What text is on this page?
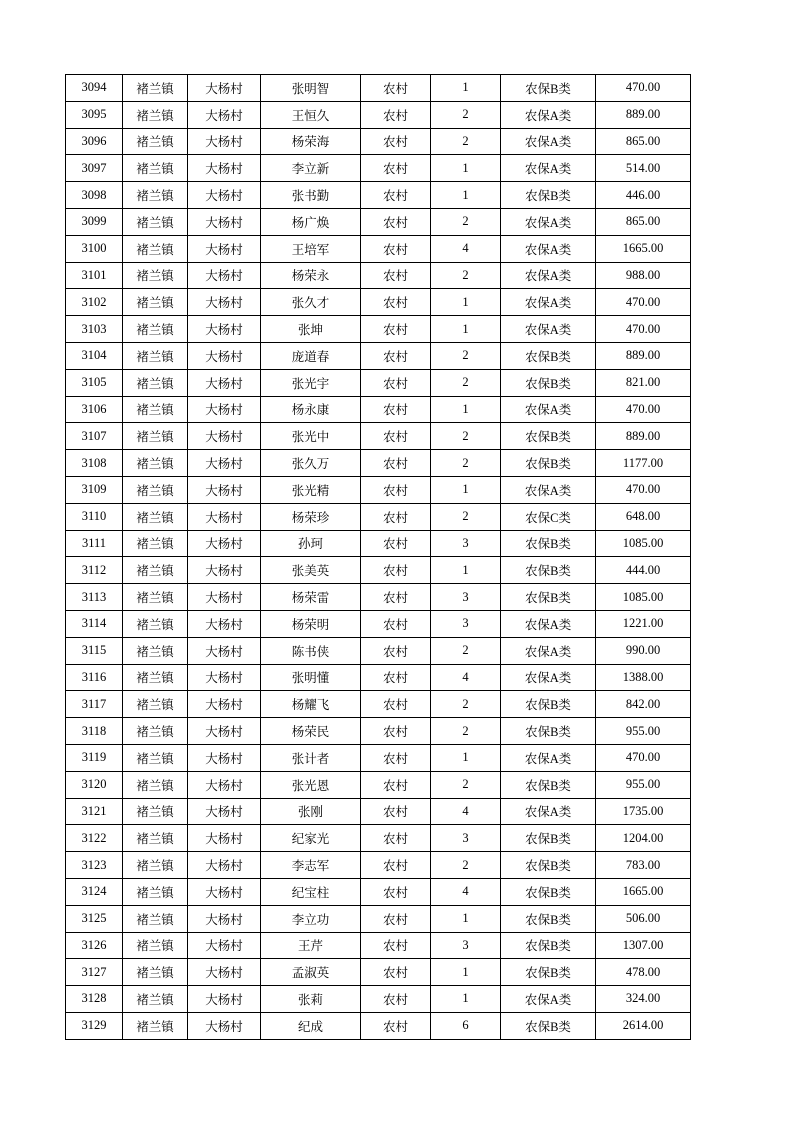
3094	褚兰镇	大杨村	张明智	农村	1	农保B类	470.00
3095	褚兰镇	大杨村	王恒久	农村	2	农保A类	889.00
3096	褚兰镇	大杨村	杨荣海	农村	2	农保A类	865.00
3097	褚兰镇	大杨村	李立新	农村	1	农保A类	514.00
3098	褚兰镇	大杨村	张书勤	农村	1	农保B类	446.00
3099	褚兰镇	大杨村	杨广焕	农村	2	农保A类	865.00
3100	褚兰镇	大杨村	王培军	农村	4	农保A类	1665.00
3101	褚兰镇	大杨村	杨荣永	农村	2	农保A类	988.00
3102	褚兰镇	大杨村	张久才	农村	1	农保A类	470.00
3103	褚兰镇	大杨村	张坤	农村	1	农保A类	470.00
3104	褚兰镇	大杨村	庞道春	农村	2	农保B类	889.00
3105	褚兰镇	大杨村	张光宇	农村	2	农保B类	821.00
3106	褚兰镇	大杨村	杨永康	农村	1	农保A类	470.00
3107	褚兰镇	大杨村	张光中	农村	2	农保B类	889.00
3108	褚兰镇	大杨村	张久万	农村	2	农保B类	1177.00
3109	褚兰镇	大杨村	张光精	农村	1	农保A类	470.00
3110	褚兰镇	大杨村	杨荣珍	农村	2	农保C类	648.00
3111	褚兰镇	大杨村	孙珂	农村	3	农保B类	1085.00
3112	褚兰镇	大杨村	张美英	农村	1	农保B类	444.00
3113	褚兰镇	大杨村	杨荣雷	农村	3	农保B类	1085.00
3114	褚兰镇	大杨村	杨荣明	农村	3	农保A类	1221.00
3115	褚兰镇	大杨村	陈书侠	农村	2	农保A类	990.00
3116	褚兰镇	大杨村	张明懂	农村	4	农保A类	1388.00
3117	褚兰镇	大杨村	杨耀飞	农村	2	农保B类	842.00
3118	褚兰镇	大杨村	杨荣民	农村	2	农保B类	955.00
3119	褚兰镇	大杨村	张计者	农村	1	农保A类	470.00
3120	褚兰镇	大杨村	张光恩	农村	2	农保B类	955.00
3121	褚兰镇	大杨村	张刚	农村	4	农保A类	1735.00
3122	褚兰镇	大杨村	纪家光	农村	3	农保B类	1204.00
3123	褚兰镇	大杨村	李志军	农村	2	农保B类	783.00
3124	褚兰镇	大杨村	纪宝柱	农村	4	农保B类	1665.00
3125	褚兰镇	大杨村	李立功	农村	1	农保B类	506.00
3126	褚兰镇	大杨村	王芹	农村	3	农保B类	1307.00
3127	褚兰镇	大杨村	孟淑英	农村	1	农保B类	478.00
3128	褚兰镇	大杨村	张莉	农村	1	农保A类	324.00
3129	褚兰镇	大杨村	纪成	农村	6	农保B类	2614.00
